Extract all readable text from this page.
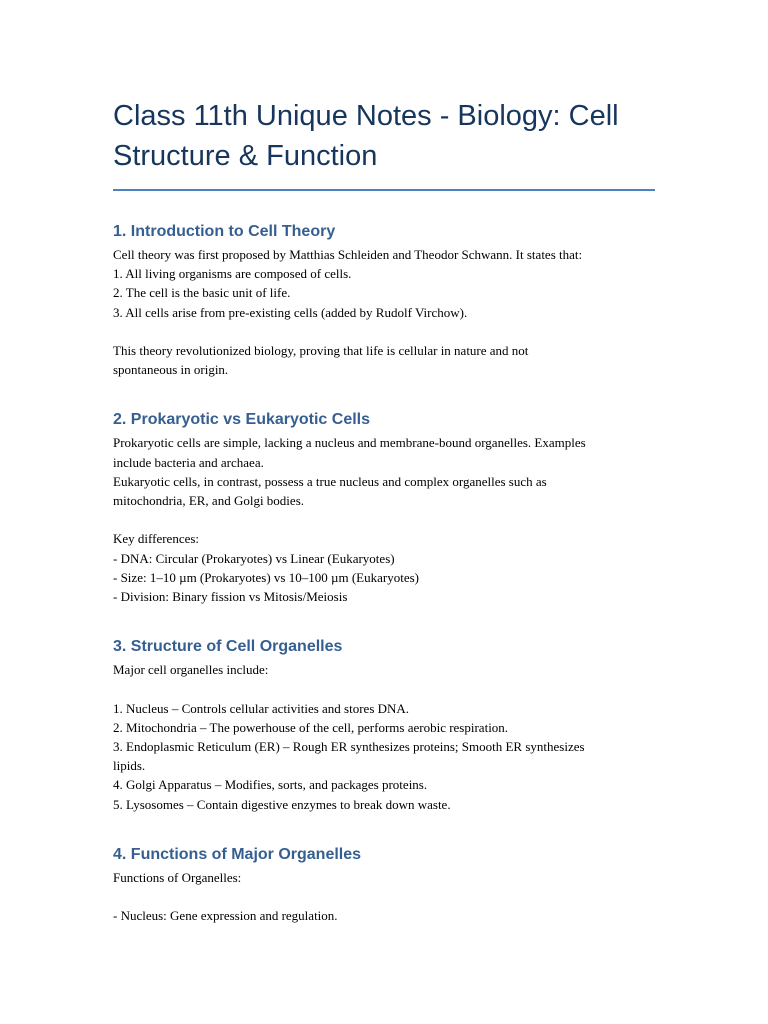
Class 11th Unique Notes - Biology: Cell
Structure & Function
1. Introduction to Cell Theory

Cell theory was first proposed by Matthias Schleiden and Theodor Schwann. It states that:

1. All living organisms are composed of cells.

2. The cell is the basic unit of life.

3. All cells arise from pre-existing cells (added by Rudolf Virchow).

This theory revolutionized biology, proving that life is cellular in nature and not

spontaneous in origin.

2. Prokaryotic vs Eukaryotic Cells

Prokaryotic cells are simple, lacking a nucleus and membrane-bound organelles. Examples

include bacteria and archaea.

Eukaryotic cells, in contrast, possess a true nucleus and complex organelles such as

mitochondria, ER, and Golgi bodies.

Key differences:

- DNA: Circular (Prokaryotes) vs Linear (Eukaryotes)

- Size: 1–10 µm (Prokaryotes) vs 10–100 µm (Eukaryotes)

- Division: Binary fission vs Mitosis/Meiosis

3. Structure of Cell Organelles

Major cell organelles include:

1. Nucleus – Controls cellular activities and stores DNA.

2. Mitochondria – The powerhouse of the cell, performs aerobic respiration.

3. Endoplasmic Reticulum (ER) – Rough ER synthesizes proteins; Smooth ER synthesizes

lipids.

4. Golgi Apparatus – Modifies, sorts, and packages proteins.

5. Lysosomes – Contain digestive enzymes to break down waste.

4. Functions of Major Organelles

Functions of Organelles:

- Nucleus: Gene expression and regulation.
